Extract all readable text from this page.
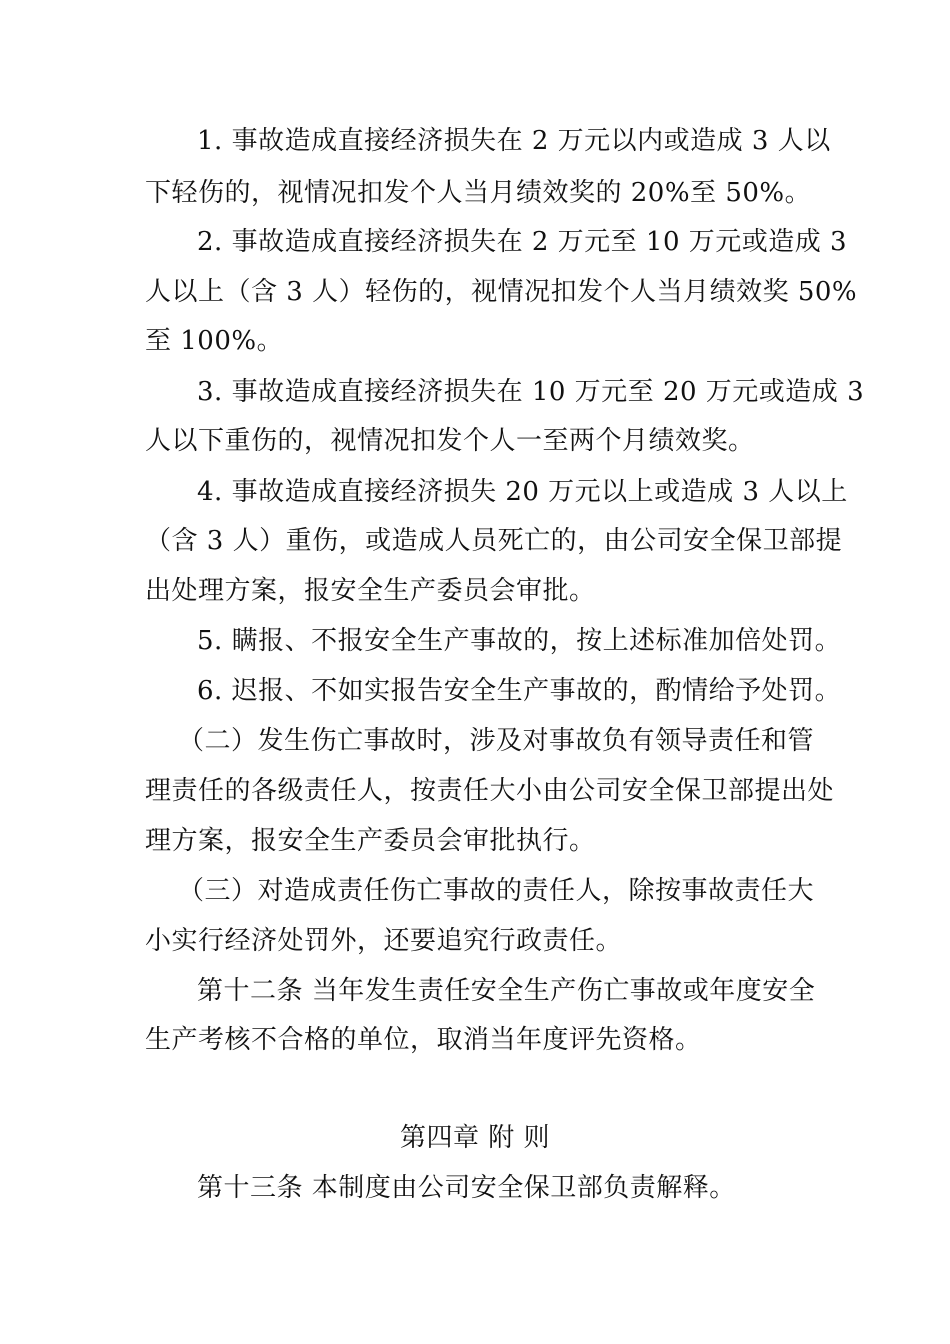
1. 事故造成直接经济损失在 2 万元以内或造成 3 人以
下轻伤的，视情况扣发个人当月绩效奖的 20%至 50%。
2. 事故造成直接经济损失在 2 万元至 10 万元或造成 3
人以上（含 3 人）轻伤的，视情况扣发个人当月绩效奖 50%
至 100%。
3. 事故造成直接经济损失在 10 万元至 20 万元或造成 3
人以下重伤的，视情况扣发个人一至两个月绩效奖。
4. 事故造成直接经济损失 20 万元以上或造成 3 人以上
（含 3 人）重伤，或造成人员死亡的，由公司安全保卫部提
出处理方案，报安全生产委员会审批。
5. 瞒报、不报安全生产事故的，按上述标准加倍处罚。
6. 迟报、不如实报告安全生产事故的，酌情给予处罚。
（二）发生伤亡事故时，涉及对事故负有领导责任和管
理责任的各级责任人，按责任大小由公司安全保卫部提出处
理方案，报安全生产委员会审批执行。
（三）对造成责任伤亡事故的责任人，除按事故责任大
小实行经济处罚外，还要追究行政责任。
第十二条 当年发生责任安全生产伤亡事故或年度安全
生产考核不合格的单位，取消当年度评先资格。
第四章 附 则
第十三条 本制度由公司安全保卫部负责解释。
